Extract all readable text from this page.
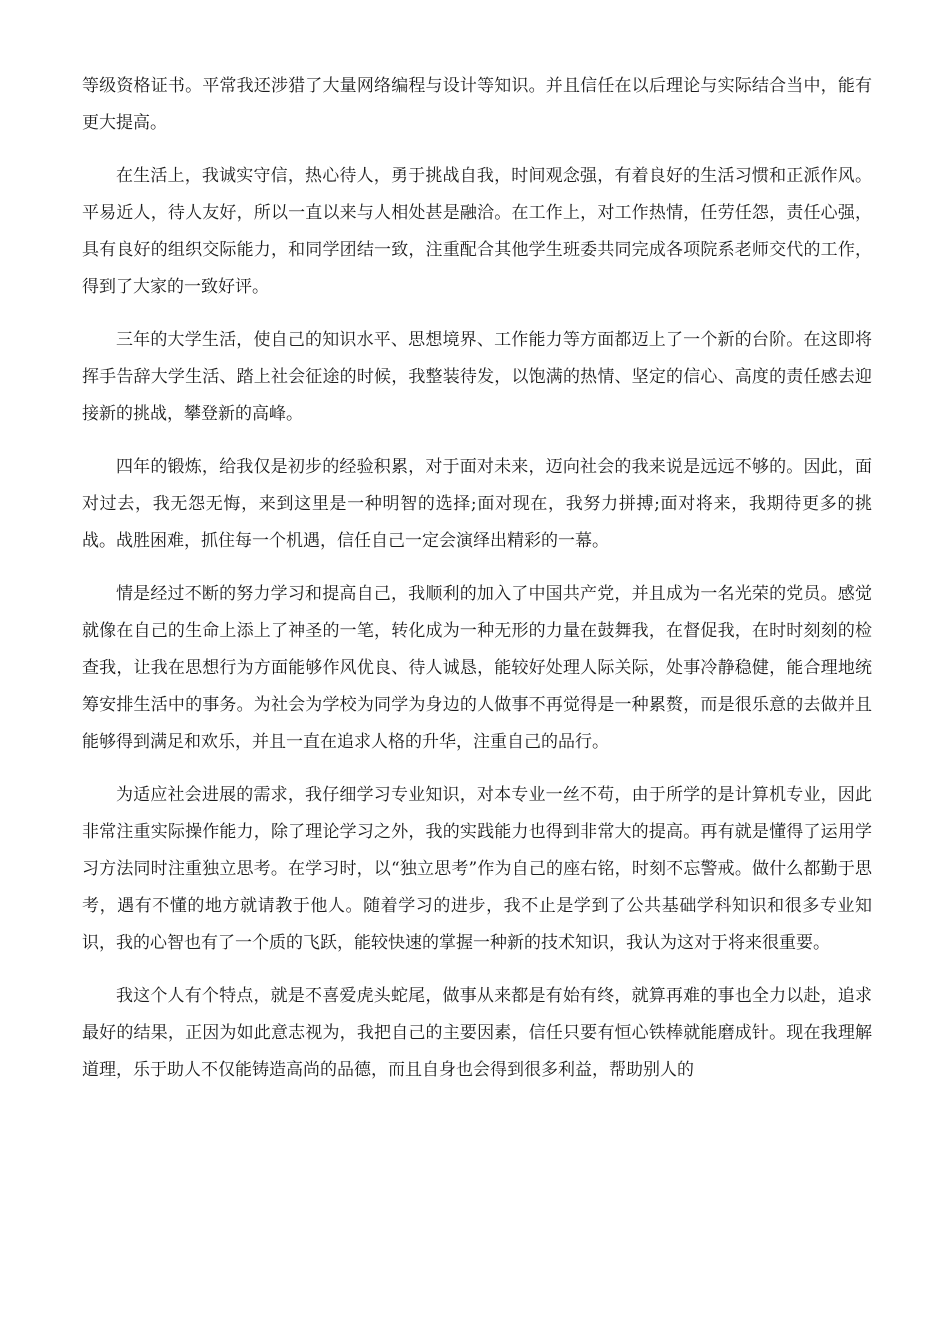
等级资格证书。平常我还涉猎了大量网络编程与设计等知识。并且信任在以后理论与实际结合当中，能有更大提高。

在生活上，我诚实守信，热心待人，勇于挑战自我，时间观念强，有着良好的生活习惯和正派作风。平易近人，待人友好，所以一直以来与人相处甚是融洽。在工作上，对工作热情，任劳任怨，责任心强，具有良好的组织交际能力，和同学团结一致，注重配合其他学生班委共同完成各项院系老师交代的工作，得到了大家的一致好评。

三年的大学生活，使自己的知识水平、思想境界、工作能力等方面都迈上了一个新的台阶。在这即将挥手告辞大学生活、踏上社会征途的时候，我整装待发，以饱满的热情、坚定的信心、高度的责任感去迎接新的挑战，攀登新的高峰。

四年的锻炼，给我仅是初步的经验积累，对于面对未来，迈向社会的我来说是远远不够的。因此，面对过去，我无怨无悔，来到这里是一种明智的选择;面对现在，我努力拼搏;面对将来，我期待更多的挑战。战胜困难，抓住每一个机遇，信任自己一定会演绎出精彩的一幕。

情是经过不断的努力学习和提高自己，我顺利的加入了中国共产党，并且成为一名光荣的党员。感觉就像在自己的生命上添上了神圣的一笔，转化成为一种无形的力量在鼓舞我，在督促我，在时时刻刻的检查我，让我在思想行为方面能够作风优良、待人诚恳，能较好处理人际关际，处事冷静稳健，能合理地统筹安排生活中的事务。为社会为学校为同学为身边的人做事不再觉得是一种累赘，而是很乐意的去做并且能够得到满足和欢乐，并且一直在追求人格的升华，注重自己的品行。

为适应社会进展的需求，我仔细学习专业知识，对本专业一丝不苟，由于所学的是计算机专业，因此非常注重实际操作能力，除了理论学习之外，我的实践能力也得到非常大的提高。再有就是懂得了运用学习方法同时注重独立思考。在学习时，以“独立思考”作为自己的座右铭，时刻不忘警戒。做什么都勤于思考，遇有不懂的地方就请教于他人。随着学习的进步，我不止是学到了公共基础学科知识和很多专业知识，我的心智也有了一个质的飞跃，能较快速的掌握一种新的技术知识，我认为这对于将来很重要。

我这个人有个特点，就是不喜爱虎头蛇尾，做事从来都是有始有终，就算再难的事也全力以赴，追求最好的结果，正因为如此意志视为，我把自己的主要因素，信任只要有恒心铁棒就能磨成针。现在我理解道理，乐于助人不仅能铸造高尚的品德，而且自身也会得到很多利益，帮助别人的
